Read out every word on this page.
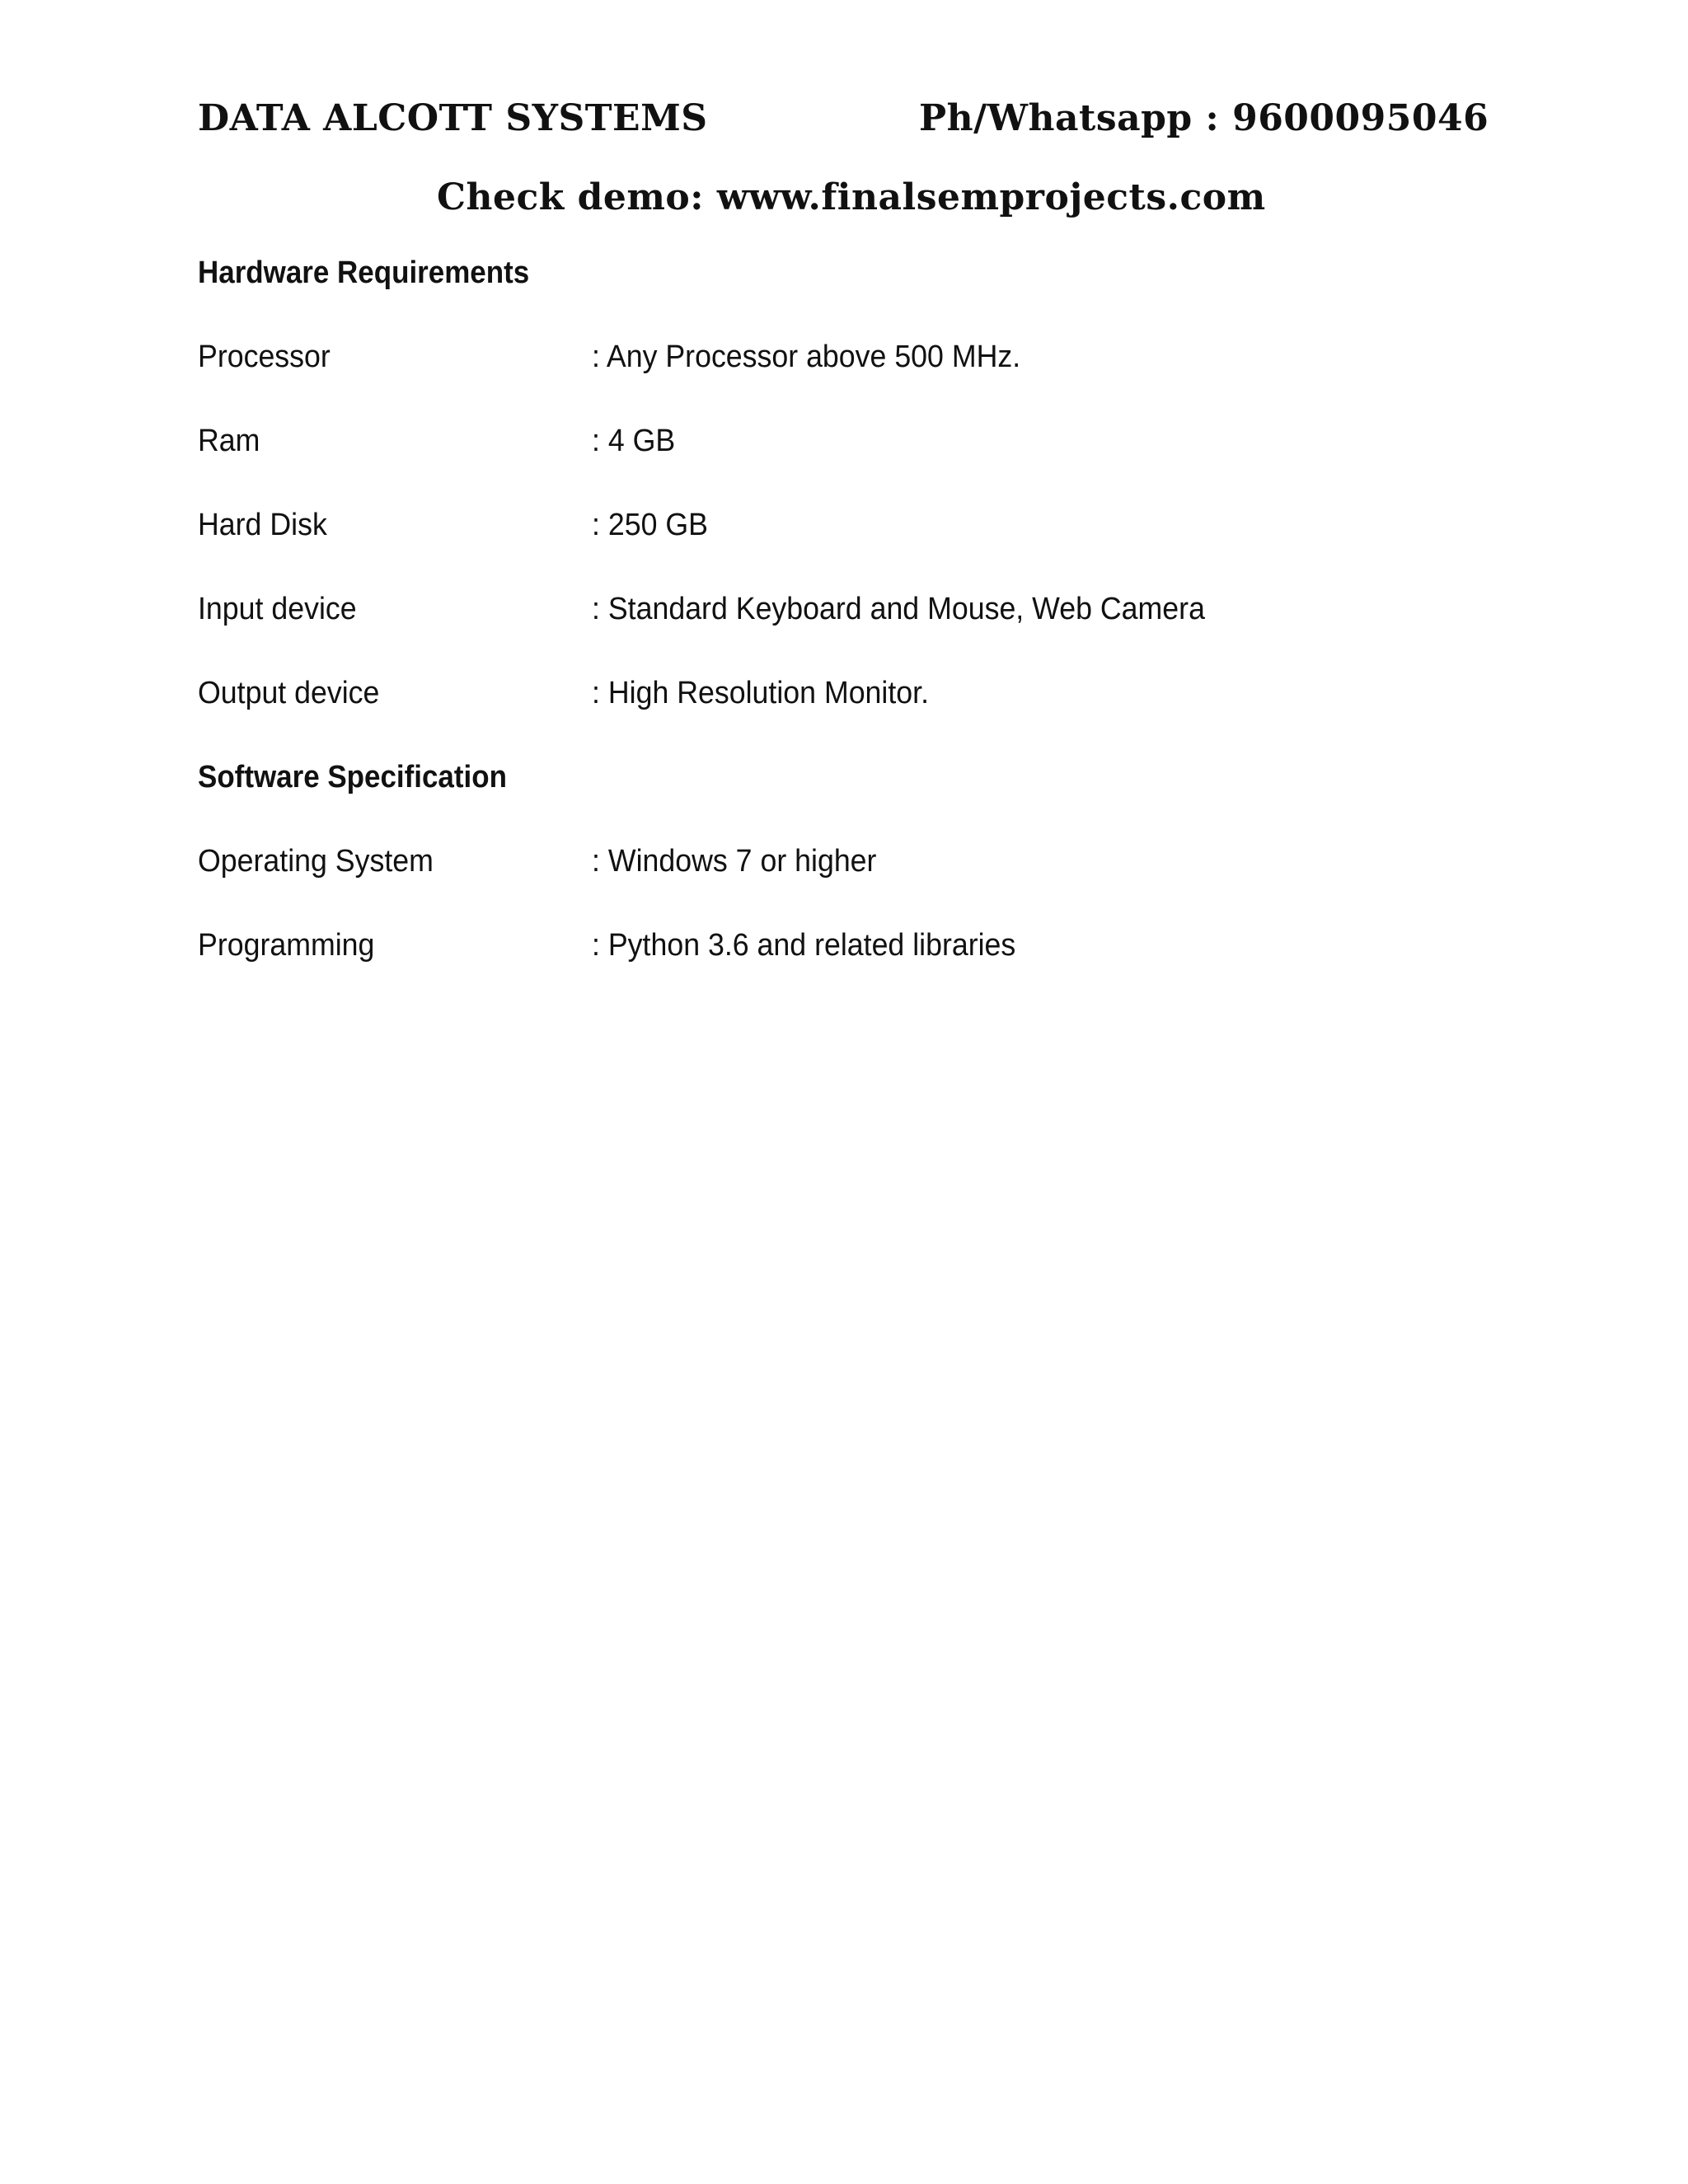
DATA ALCOTT SYSTEMS	Ph/Whatsapp : 9600095046
Check demo: www.finalsemprojects.com
Hardware Requirements
Processor	: Any Processor above 500 MHz.
Ram	: 4 GB
Hard Disk	: 250 GB
Input device	: Standard Keyboard and Mouse, Web Camera
Output device	: High Resolution Monitor.
Software Specification
Operating System	: Windows 7 or higher
Programming	: Python 3.6 and related libraries
